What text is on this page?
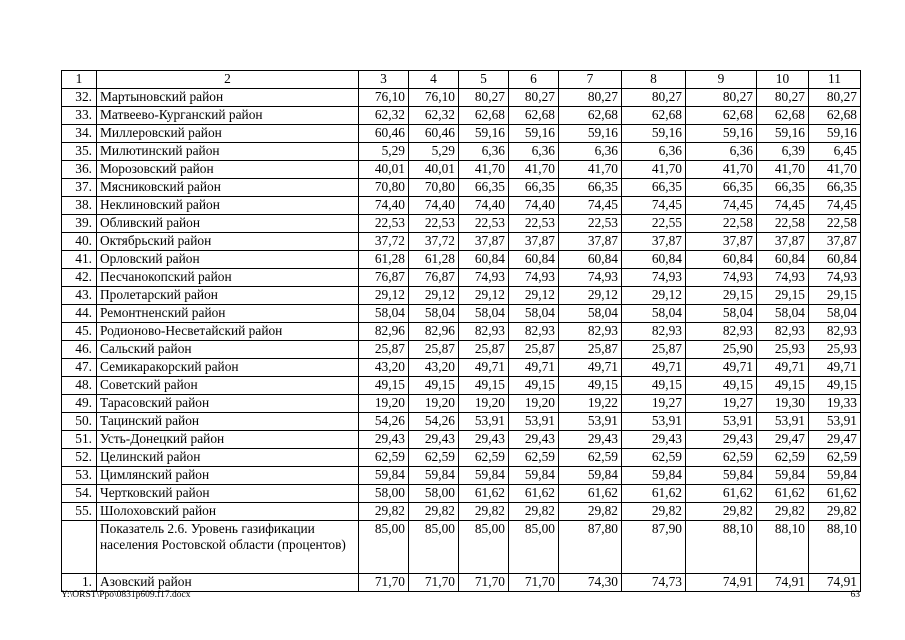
1	2	3	4	5	6	7	8	9	10	11
32.	Мартыновский район	76,10	76,10	80,27	80,27	80,27	80,27	80,27	80,27	80,27
33.	Матвеево-Курганский район	62,32	62,32	62,68	62,68	62,68	62,68	62,68	62,68	62,68
34.	Миллеровский район	60,46	60,46	59,16	59,16	59,16	59,16	59,16	59,16	59,16
35.	Милютинский район	5,29	5,29	6,36	6,36	6,36	6,36	6,36	6,39	6,45
36.	Морозовский район	40,01	40,01	41,70	41,70	41,70	41,70	41,70	41,70	41,70
37.	Мясниковский район	70,80	70,80	66,35	66,35	66,35	66,35	66,35	66,35	66,35
38.	Неклиновский район	74,40	74,40	74,40	74,40	74,45	74,45	74,45	74,45	74,45
39.	Обливский район	22,53	22,53	22,53	22,53	22,53	22,55	22,58	22,58	22,58
40.	Октябрьский район	37,72	37,72	37,87	37,87	37,87	37,87	37,87	37,87	37,87
41.	Орловский район	61,28	61,28	60,84	60,84	60,84	60,84	60,84	60,84	60,84
42.	Песчанокопский район	76,87	76,87	74,93	74,93	74,93	74,93	74,93	74,93	74,93
43.	Пролетарский район	29,12	29,12	29,12	29,12	29,12	29,12	29,15	29,15	29,15
44.	Ремонтненский район	58,04	58,04	58,04	58,04	58,04	58,04	58,04	58,04	58,04
45.	Родионово-Несветайский район	82,96	82,96	82,93	82,93	82,93	82,93	82,93	82,93	82,93
46.	Сальский район	25,87	25,87	25,87	25,87	25,87	25,87	25,90	25,93	25,93
47.	Семикаракорский район	43,20	43,20	49,71	49,71	49,71	49,71	49,71	49,71	49,71
48.	Советский район	49,15	49,15	49,15	49,15	49,15	49,15	49,15	49,15	49,15
49.	Тарасовский район	19,20	19,20	19,20	19,20	19,22	19,27	19,27	19,30	19,33
50.	Тацинский район	54,26	54,26	53,91	53,91	53,91	53,91	53,91	53,91	53,91
51.	Усть-Донецкий район	29,43	29,43	29,43	29,43	29,43	29,43	29,43	29,47	29,47
52.	Целинский район	62,59	62,59	62,59	62,59	62,59	62,59	62,59	62,59	62,59
53.	Цимлянский район	59,84	59,84	59,84	59,84	59,84	59,84	59,84	59,84	59,84
54.	Чертковский район	58,00	58,00	61,62	61,62	61,62	61,62	61,62	61,62	61,62
55.	Шолоховский район	29,82	29,82	29,82	29,82	29,82	29,82	29,82	29,82	29,82
	Показатель 2.6. Уровень газификации населения Ростовской области (процентов)	85,00	85,00	85,00	85,00	87,80	87,90	88,10	88,10	88,10
1.	Азовский район	71,70	71,70	71,70	71,70	74,30	74,73	74,91	74,91	74,91
Y:\ORST\Ppo\0831p609.f17.docx	63
